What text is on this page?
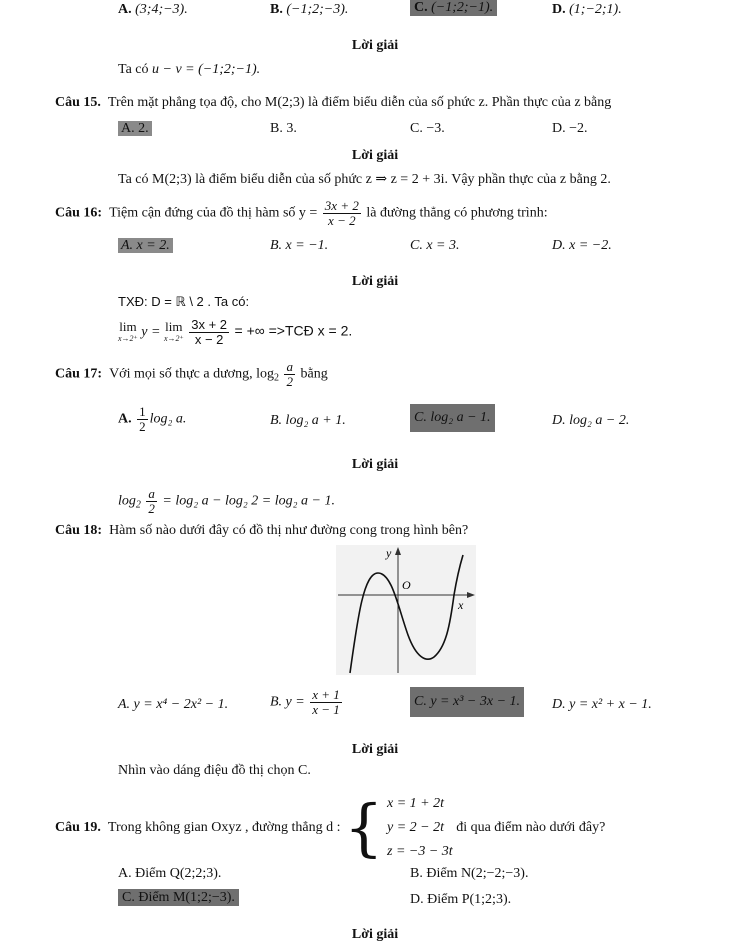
A. (3;4;−3).	B. (−1;2;−3).	C. (−1;2;−1).	D. (1;−2;1).
Lời giải
Ta có u − v = (−1;2;−1).
Câu 15. Trên mặt phẳng tọa độ, cho M(2;3) là điểm biểu diễn của số phức z. Phần thực của z bằng
A. 2.	B. 3.	C. −3.	D. −2.
Lời giải
Ta có M(2;3) là điểm biểu diễn của số phức z ⇒ z = 2 + 3i. Vậy phần thực của z bằng 2.
Câu 16: Tiệm cận đứng của đồ thị hàm số $y = \frac{3x + 2}{x - 2}$ là đường thẳng có phương trình:
A. x = 2.	B. x = −1.	C. x = 3.	D. x = −2.
Lời giải
TXĐ: D = ℝ \ 2 . Ta có:
lim
x→2⁺ y = lim
x→2⁺
$\frac{3x + 2}{x - 2}$ = +∞ =>TCĐ x = 2.
Câu 17: Với mọi số thực a dương, $\log_2 \frac{a}{2}$ bằng
A. $\frac{1}{2} \log_2$ a.	B. log₂ a + 1.	C. log₂ a − 1.	D. log₂ a − 2.
Lời giải
$\log_2 \frac{a}{2} = \log_2$ a − log₂ 2 = log₂ a − 1.
Câu 18: Hàm số nào dưới đây có đồ thị như đường cong trong hình bên?
y
x
O
A. y = x⁴ − 2x² − 1.	B. $y = \frac{x + 1}{x - 1}$	C. y = x³ − 3x − 1. D. y = x² + x − 1.
Lời giải
Nhìn vào dáng điệu đồ thị chọn C.
Câu 19. Trong không gian Oxyz , đường thẳng d : { x = 1 + 2t
y = 2 − 2t
z = −3 − 3t đi qua điểm nào dưới đây?
A. Điểm Q(2;2;3).	B. Điểm N(2;−2;−3).
C. Điểm M(1;2;−3).	D. Điểm P(1;2;3).
Lời giải
